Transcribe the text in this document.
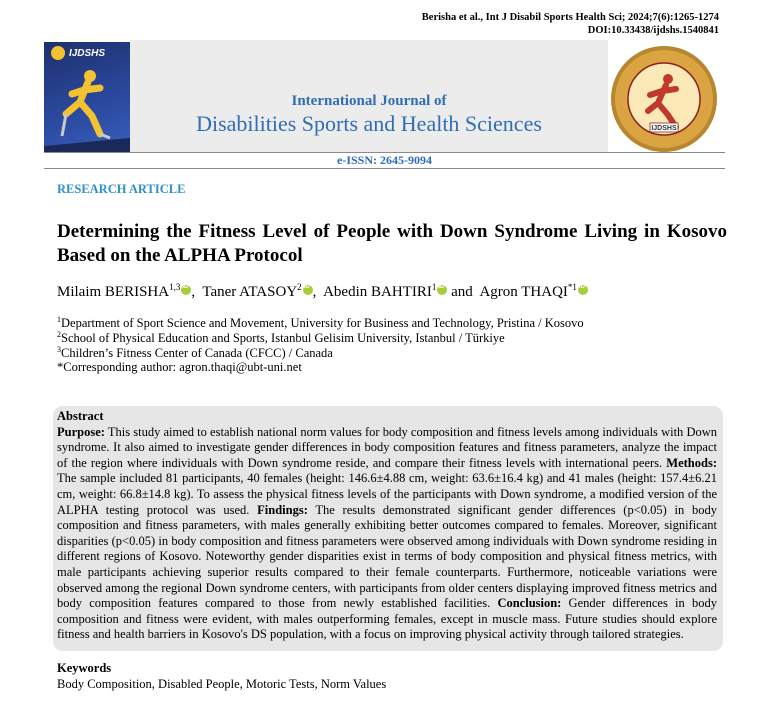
Berisha et al., Int J Disabil Sports Health Sci; 2024;7(6):1265-1274
DOI:10.33438/ijdshs.1540841
IJDSHS
International Journal of
Disabilities Sports and Health Sciences	IJDSHS
e-ISSN: 2645-9094
RESEARCH ARTICLE
Determining the Fitness Level of People with Down Syndrome Living in Kosovo Based on the ALPHA Protocol
Milaim BERISHA$^{1,3}$ iD ,  Taner ATASOY$^2$ iD ,  Abedin BAHTIRI$^1$iD and  Agron THAQI$^{*1}$iD
$^1$Department of Sport Science and Movement, University for Business and Technology, Pristina / Kosovo
$^2$School of Physical Education and Sports, Istanbul Gelisim University, Istanbul / Türkiye
$^3$Children’s Fitness Center of Canada (CFCC) / Canada
*Corresponding author: agron.thaqi@ubt-uni.net
Abstract
Purpose: This study aimed to establish national norm values for body composition and fitness levels among individuals with Down syndrome. It also aimed to investigate gender differences in body composition features and fitness parameters, analyze the impact of the region where individuals with Down syndrome reside, and compare their fitness levels with international peers. Methods: The sample included 81 participants, 40 females (height: 146.6±4.88 cm, weight: 63.6±16.4 kg) and 41 males (height: 157.4±6.21 cm, weight: 66.8±14.8 kg). To assess the physical fitness levels of the participants with Down syndrome, a modified version of the ALPHA testing protocol was used. Findings: The results demonstrated significant gender differences (p<0.05) in body composition and fitness parameters, with males generally exhibiting better outcomes compared to females. Moreover, significant disparities (p<0.05) in body composition and fitness parameters were observed among individuals with Down syndrome residing in different regions of Kosovo. Noteworthy gender disparities exist in terms of body composition and physical fitness metrics, with male participants achieving superior results compared to their female counterparts. Furthermore, noticeable variations were observed among the regional Down syndrome centers, with participants from older centers displaying improved fitness metrics and body composition features compared to those from newly established facilities. Conclusion: Gender differences in body composition and fitness were evident, with males outperforming females, except in muscle mass. Future studies should explore fitness and health barriers in Kosovo's DS population, with a focus on improving physical activity through tailored strategies.
Keywords
Body Composition, Disabled People, Motoric Tests, Norm Values
